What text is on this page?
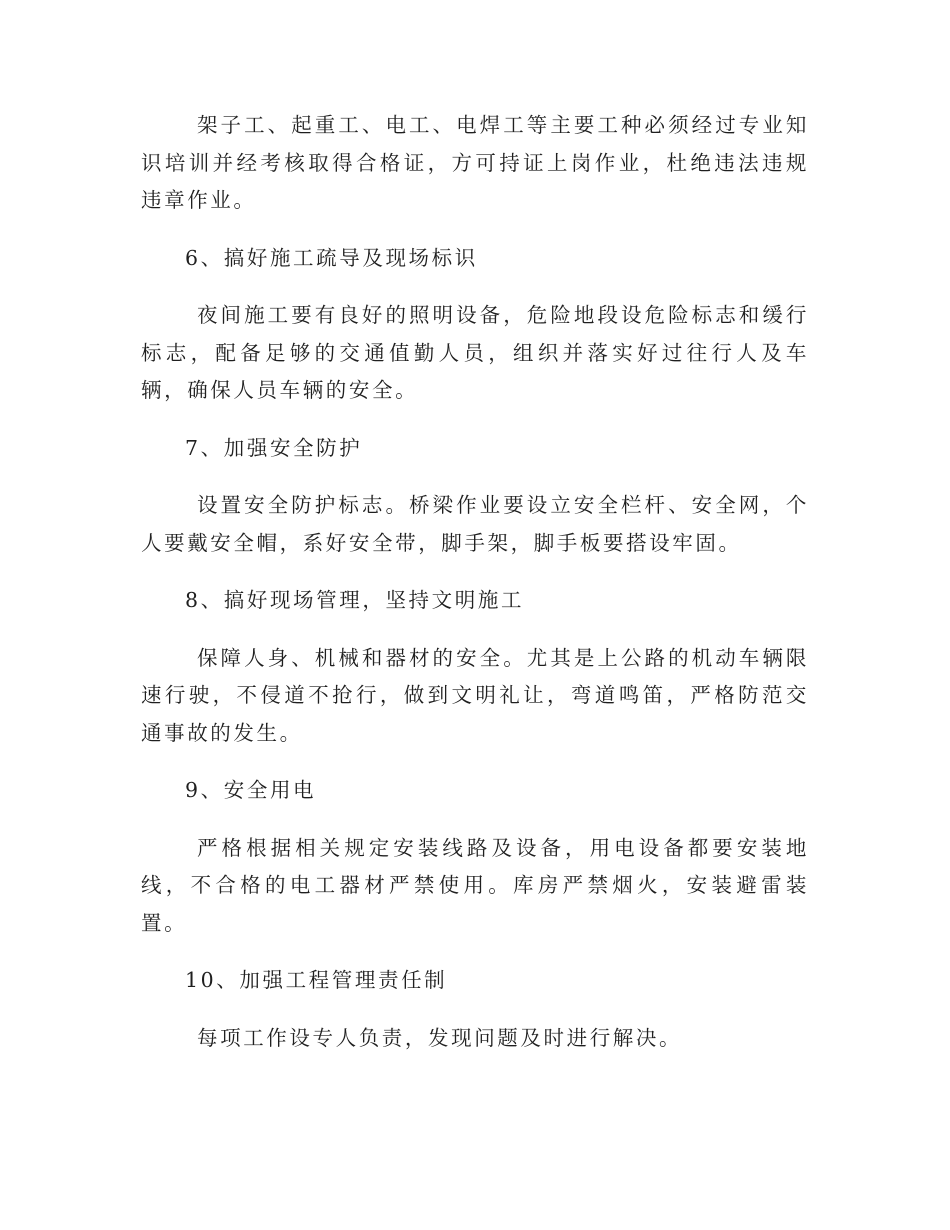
架子工、起重工、电工、电焊工等主要工种必须经过专业知识培训并经考核取得合格证，方可持证上岗作业，杜绝违法违规违章作业。

6、搞好施工疏导及现场标识

夜间施工要有良好的照明设备，危险地段设危险标志和缓行标志，配备足够的交通值勤人员，组织并落实好过往行人及车辆，确保人员车辆的安全。

7、加强安全防护

设置安全防护标志。桥梁作业要设立安全栏杆、安全网，个人要戴安全帽，系好安全带，脚手架，脚手板要搭设牢固。

8、搞好现场管理，坚持文明施工

保障人身、机械和器材的安全。尤其是上公路的机动车辆限速行驶，不侵道不抢行，做到文明礼让，弯道鸣笛，严格防范交通事故的发生。

9、安全用电

严格根据相关规定安装线路及设备，用电设备都要安装地线，不合格的电工器材严禁使用。库房严禁烟火，安装避雷装置。

10、加强工程管理责任制

每项工作设专人负责，发现问题及时进行解决。
